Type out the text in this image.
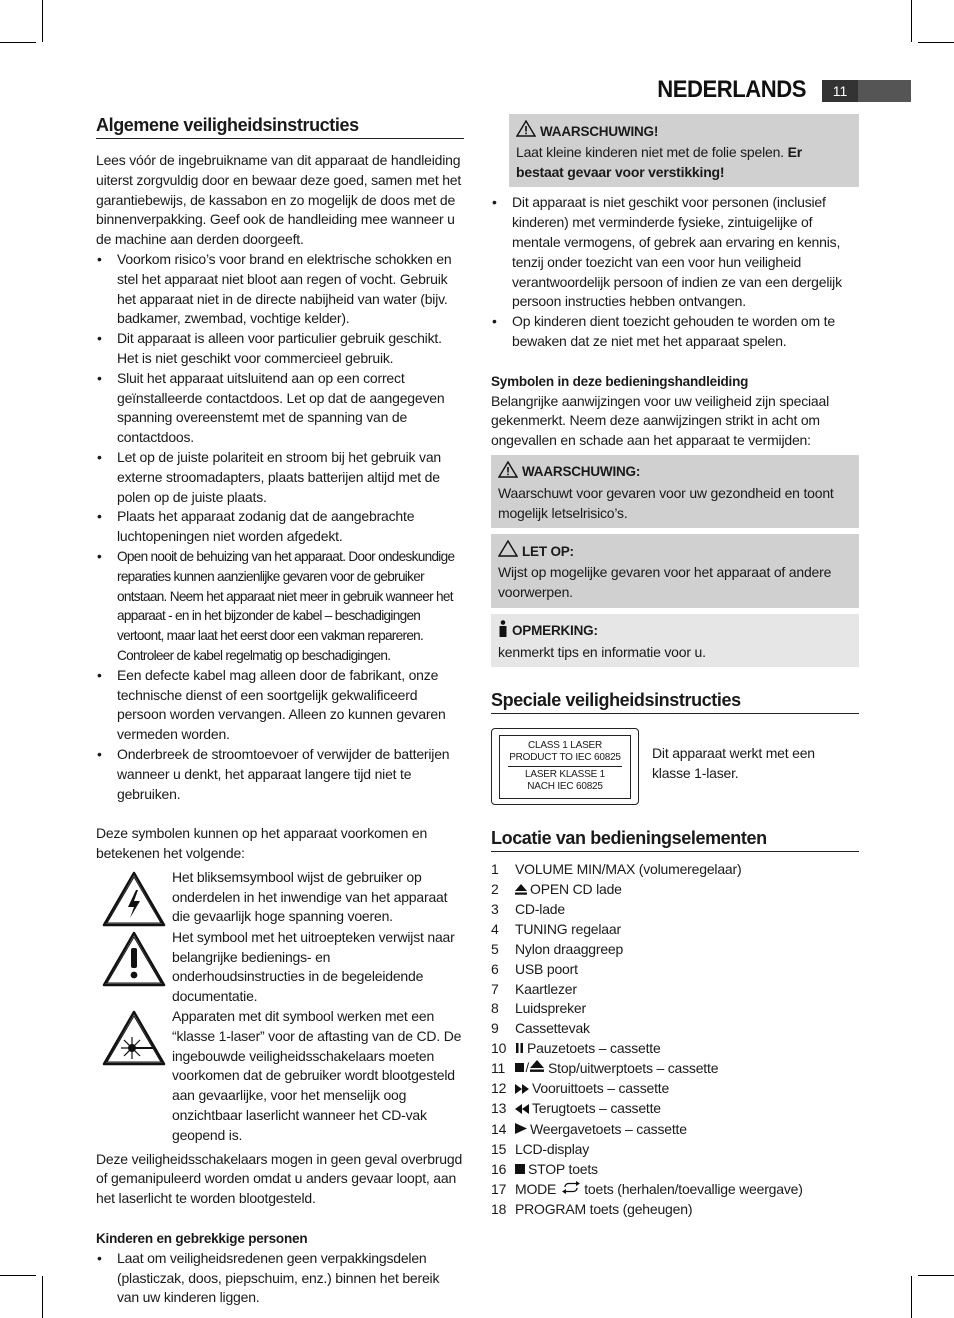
NEDERLANDS	11
Algemene veiligheidsinstructies

Lees vóór de ingebruikname van dit apparaat de handleiding uiterst zorgvuldig door en bewaar deze goed, samen met het garantiebewijs, de kassabon en zo mogelijk de doos met de binnenverpakking. Geef ook de handleiding mee wanneer u de machine aan derden doorgeeft.

• Voorkom risico’s voor brand en elektrische schokken en stel het apparaat niet bloot aan regen of vocht. Gebruik het apparaat niet in de directe nabijheid van water (bijv. badkamer, zwembad, vochtige kelder).
• Dit apparaat is alleen voor particulier gebruik geschikt. Het is niet geschikt voor commercieel gebruik.
• Sluit het apparaat uitsluitend aan op een correct geïnstalleerde contactdoos. Let op dat de aangegeven spanning overeenstemt met de spanning van de contactdoos.
• Let op de juiste polariteit en stroom bij het gebruik van externe stroomadapters, plaats batterijen altijd met de polen op de juiste plaats.
• Plaats het apparaat zodanig dat de aangebrachte luchtopeningen niet worden afgedekt.
• Open nooit de behuizing van het apparaat. Door ondeskundige reparaties kunnen aanzienlijke gevaren voor de gebruiker ontstaan. Neem het apparaat niet meer in gebruik wanneer het apparaat - en in het bijzonder de kabel – beschadigingen vertoont, maar laat het eerst door een vakman repareren. Controleer de kabel regelmatig op beschadigingen.
• Een defecte kabel mag alleen door de fabrikant, onze technische dienst of een soortgelijk gekwalificeerd persoon worden vervangen. Alleen zo kunnen gevaren vermeden worden.
• Onderbreek de stroomtoevoer of verwijder de batterijen wanneer u denkt, het apparaat langere tijd niet te gebruiken.

Deze symbolen kunnen op het apparaat voorkomen en betekenen het volgende:

Het bliksemsymbool wijst de gebruiker op onderdelen in het inwendige van het apparaat die gevaarlijk hoge spanning voeren.
Het symbool met het uitroepteken verwijst naar belangrijke bedienings- en onderhoudsinstructies in de begeleidende documentatie.
Apparaten met dit symbool werken met een “klasse 1-laser” voor de aftasting van de CD. De ingebouwde veiligheidsschakelaars moeten voorkomen dat de gebruiker wordt blootgesteld aan gevaarlijke, voor het menselijk oog onzichtbaar laserlicht wanneer het CD-vak geopend is.

Deze veiligheidsschakelaars mogen in geen geval overbrugd of gemanipuleerd worden omdat u anders gevaar loopt, aan het laserlicht te worden blootgesteld.

Kinderen en gebrekkige personen

• Laat om veiligheidsredenen geen verpakkingsdelen (plasticzak, doos, piepschuim, enz.) binnen het bereik van uw kinderen liggen.
WAARSCHUWING!
Laat kleine kinderen niet met de folie spelen. Er bestaat gevaar voor verstikking!
• Dit apparaat is niet geschikt voor personen (inclusief kinderen) met verminderde fysieke, zintuigelijke of mentale vermogens, of gebrek aan ervaring en kennis, tenzij onder toezicht van een voor hun veiligheid verantwoordelijk persoon of indien ze van een dergelijk persoon instructies hebben ontvangen.
• Op kinderen dient toezicht gehouden te worden om te bewaken dat ze niet met het apparaat spelen.

Symbolen in deze bedieningshandleiding

Belangrijke aanwijzingen voor uw veiligheid zijn speciaal gekenmerkt. Neem deze aanwijzingen strikt in acht om ongevallen en schade aan het apparaat te vermijden:

WAARSCHUWING:
Waarschuwt voor gevaren voor uw gezondheid en toont mogelijk letselrisico’s.
LET OP:
Wijst op mogelijke gevaren voor het apparaat of andere voorwerpen.
OPMERKING:
kenmerkt tips en informatie voor u.
Speciale veiligheidsinstructies
CLASS 1 LASER
PRODUCT TO IEC 60825
LASER KLASSE 1
NACH IEC 60825
Dit apparaat werkt met een klasse 1-laser.
Locatie van bedieningselementen
1	VOLUME MIN/MAX (volumeregelaar)
2	OPEN CD lade
3	CD-lade
4	TUNING regelaar
5	Nylon draaggreep
6	USB poort
7	Kaartlezer
8	Luidspreker
9	Cassettevak
10	Pauzetoets – cassette
11	/ Stop/uitwerptoets – cassette
12	Vooruittoets – cassette
13	Terugtoets – cassette
14	Weergavetoets – cassette
15 LCD-display
16	STOP toets
17 MODE toets (herhalen/toevallige weergave)
18 PROGRAM toets (geheugen)
